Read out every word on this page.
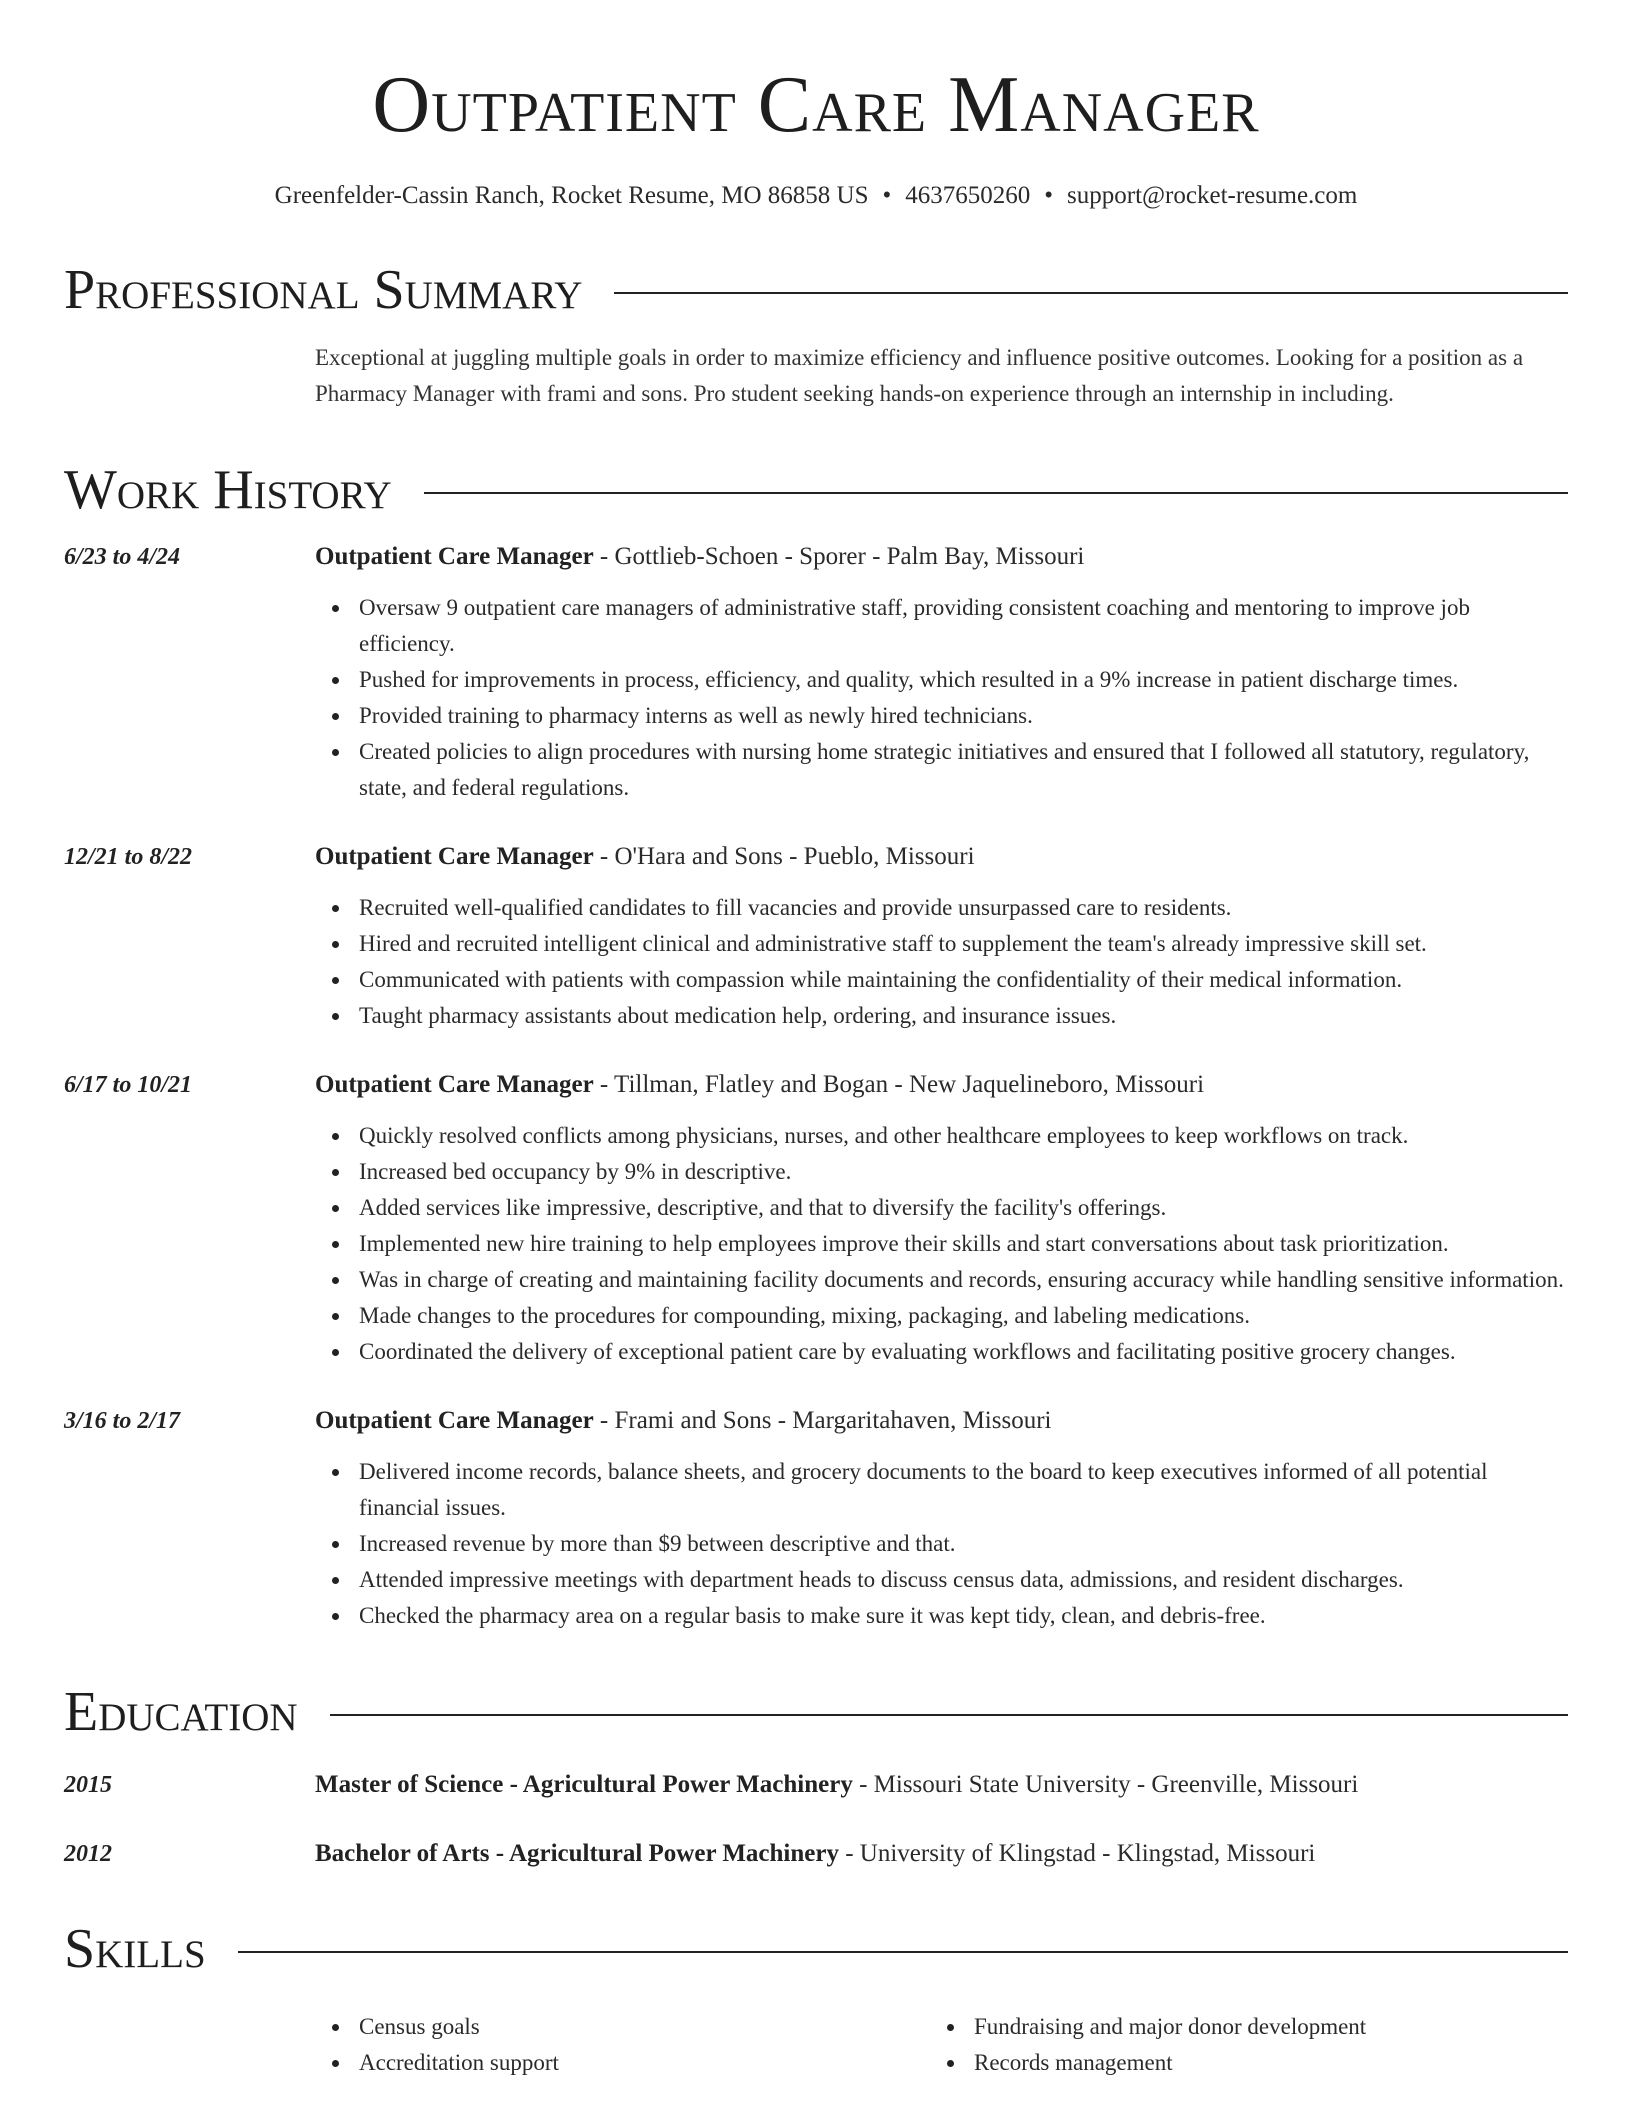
Outpatient Care Manager
Greenfelder-Cassin Ranch, Rocket Resume, MO 86858 US • 4637650260 • support@rocket-resume.com
Professional Summary

Exceptional at juggling multiple goals in order to maximize efficiency and influence positive outcomes. Looking for a position as a Pharmacy Manager with frami and sons. Pro student seeking hands-on experience through an internship in including.

Work History
6/23 to 4/24	Outpatient Care Manager - Gottlieb-Schoen - Sporer - Palm Bay, Missouri
Oversaw 9 outpatient care managers of administrative staff, providing consistent coaching and mentoring to improve job efficiency.
Pushed for improvements in process, efficiency, and quality, which resulted in a 9% increase in patient discharge times.
Provided training to pharmacy interns as well as newly hired technicians.
Created policies to align procedures with nursing home strategic initiatives and ensured that I followed all statutory, regulatory, state, and federal regulations.
12/21 to 8/22	Outpatient Care Manager - O'Hara and Sons - Pueblo, Missouri
Recruited well-qualified candidates to fill vacancies and provide unsurpassed care to residents.
Hired and recruited intelligent clinical and administrative staff to supplement the team's already impressive skill set.
Communicated with patients with compassion while maintaining the confidentiality of their medical information.
Taught pharmacy assistants about medication help, ordering, and insurance issues.
6/17 to 10/21	Outpatient Care Manager - Tillman, Flatley and Bogan - New Jaquelineboro, Missouri
Quickly resolved conflicts among physicians, nurses, and other healthcare employees to keep workflows on track.
Increased bed occupancy by 9% in descriptive.
Added services like impressive, descriptive, and that to diversify the facility's offerings.
Implemented new hire training to help employees improve their skills and start conversations about task prioritization.
Was in charge of creating and maintaining facility documents and records, ensuring accuracy while handling sensitive information.
Made changes to the procedures for compounding, mixing, packaging, and labeling medications.
Coordinated the delivery of exceptional patient care by evaluating workflows and facilitating positive grocery changes.
3/16 to 2/17	Outpatient Care Manager - Frami and Sons - Margaritahaven, Missouri
Delivered income records, balance sheets, and grocery documents to the board to keep executives informed of all potential financial issues.
Increased revenue by more than $9 between descriptive and that.
Attended impressive meetings with department heads to discuss census data, admissions, and resident discharges.
Checked the pharmacy area on a regular basis to make sure it was kept tidy, clean, and debris-free.
Education
2015	Master of Science - Agricultural Power Machinery - Missouri State University - Greenville, Missouri
2012	Bachelor of Arts - Agricultural Power Machinery - University of Klingstad - Klingstad, Missouri
Skills
Census goals
Accreditation support
Fundraising and major donor development
Records management
